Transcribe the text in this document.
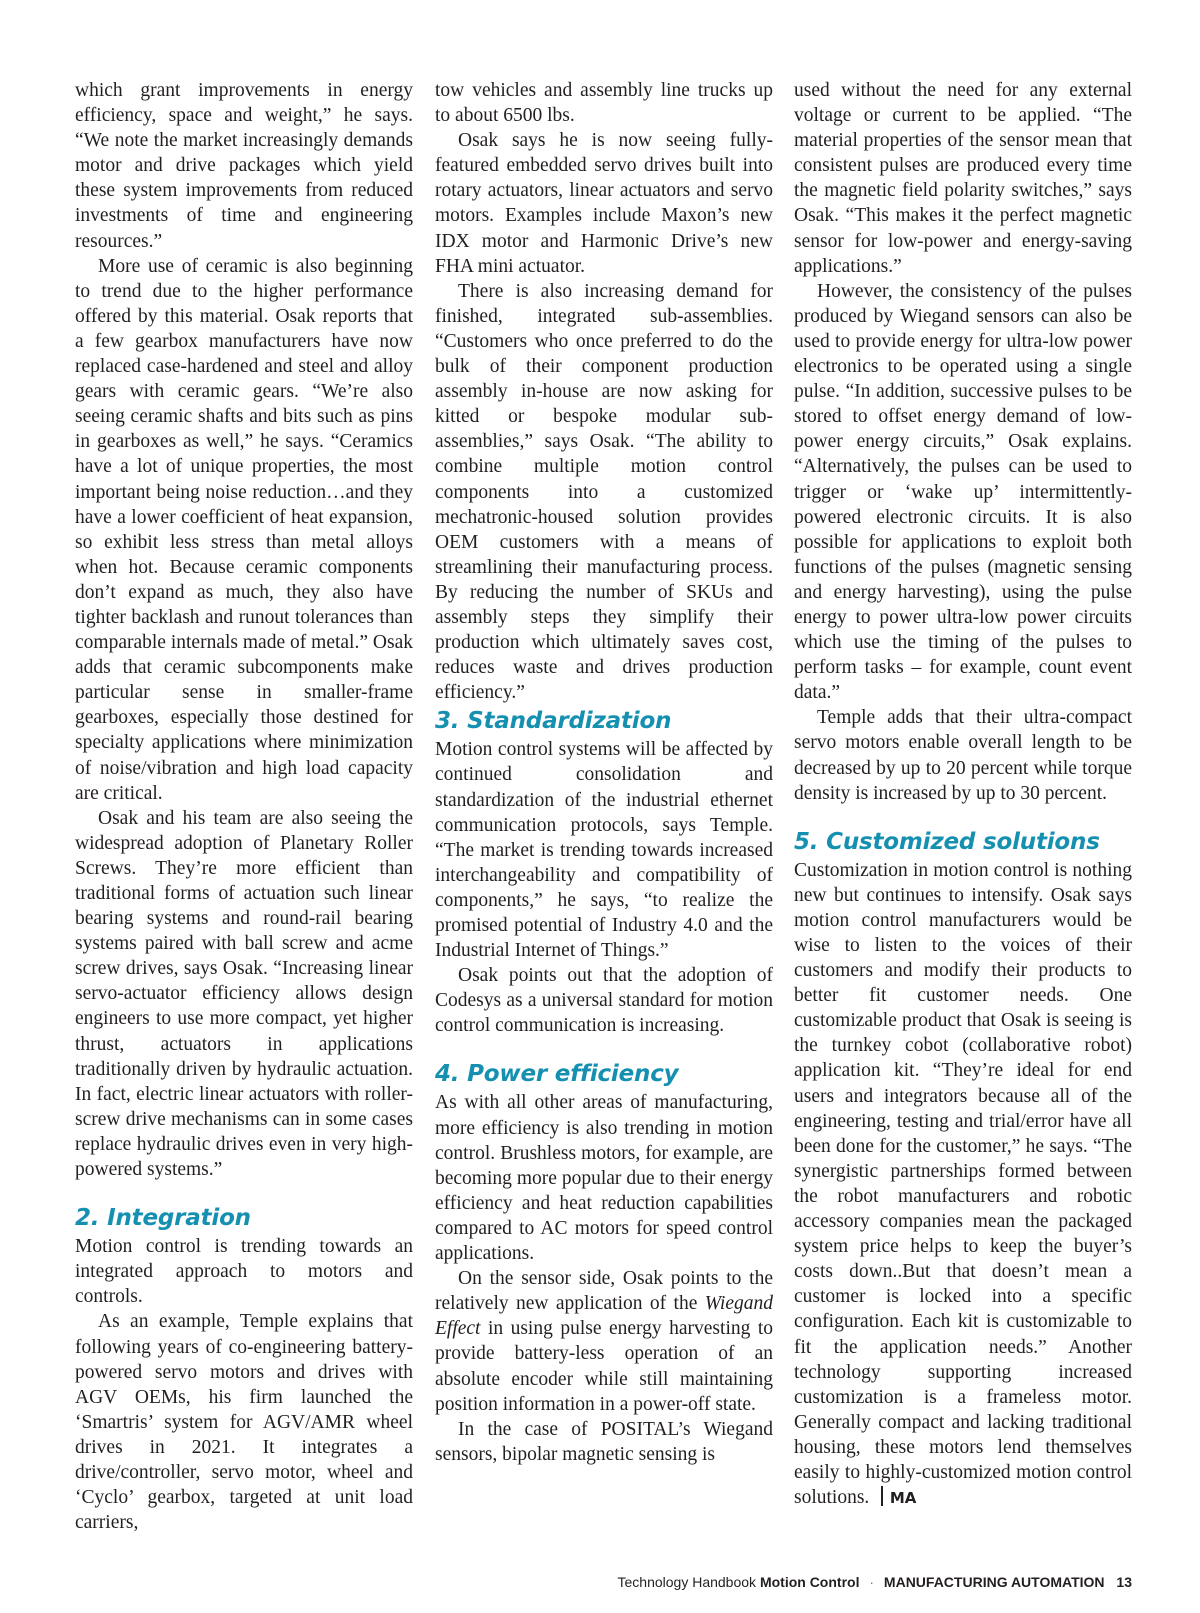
which grant improvements in energy efficiency, space and weight,” he says. “We note the market increasingly demands motor and drive packages which yield these system improvements from reduced investments of time and engineering resources.”

More use of ceramic is also beginning to trend due to the higher performance offered by this material. Osak reports that a few gearbox manufacturers have now replaced case-hardened and steel and alloy gears with ceramic gears. “We’re also seeing ceramic shafts and bits such as pins in gearboxes as well,” he says. “Ceramics have a lot of unique properties, the most important being noise reduction…and they have a lower coefficient of heat expansion, so exhibit less stress than metal alloys when hot. Because ceramic components don’t expand as much, they also have tighter backlash and runout tolerances than comparable internals made of metal.” Osak adds that ceramic subcomponents make particular sense in smaller-frame gearboxes, especially those destined for specialty applications where minimization of noise/vibration and high load capacity are critical.

Osak and his team are also seeing the widespread adoption of Planetary Roller Screws. They’re more efficient than traditional forms of actuation such linear bearing systems and round-rail bearing systems paired with ball screw and acme screw drives, says Osak. “Increasing linear servo-actuator efficiency allows design engineers to use more compact, yet higher thrust, actuators in applications traditionally driven by hydraulic actuation. In fact, electric linear actuators with roller-screw drive mechanisms can in some cases replace hydraulic drives even in very high-powered systems.”

2. Integration

Motion control is trending towards an integrated approach to motors and controls.

As an example, Temple explains that following years of co-engineering battery-powered servo motors and drives with AGV OEMs, his firm launched the ‘Smartris’ system for AGV/AMR wheel drives in 2021. It integrates a drive/controller, servo motor, wheel and ‘Cyclo’ gearbox, targeted at unit load carriers,

tow vehicles and assembly line trucks up to about 6500 lbs.

Osak says he is now seeing fully-featured embedded servo drives built into rotary actuators, linear actuators and servo motors. Examples include Maxon’s new IDX motor and Harmonic Drive’s new FHA mini actuator.

There is also increasing demand for finished, integrated sub-assemblies. “Customers who once preferred to do the bulk of their component production assembly in-house are now asking for kitted or bespoke modular sub-assemblies,” says Osak. “The ability to combine multiple motion control components into a customized mechatronic-housed solution provides OEM customers with a means of streamlining their manufacturing process. By reducing the number of SKUs and assembly steps they simplify their production which ultimately saves cost, reduces waste and drives production efficiency.”

3. Standardization

Motion control systems will be affected by continued consolidation and standardization of the industrial ethernet communication protocols, says Temple. “The market is trending towards increased interchangeability and compatibility of components,” he says, “to realize the promised potential of Industry 4.0 and the Industrial Internet of Things.”

Osak points out that the adoption of Codesys as a universal standard for motion control communication is increasing.

4. Power efficiency

As with all other areas of manufacturing, more efficiency is also trending in motion control. Brushless motors, for example, are becoming more popular due to their energy efficiency and heat reduction capabilities compared to AC motors for speed control applications.

On the sensor side, Osak points to the relatively new application of the Wiegand Effect in using pulse energy harvesting to provide battery-less operation of an absolute encoder while still maintaining position information in a power-off state.

In the case of POSITAL’s Wiegand sensors, bipolar magnetic sensing is

used without the need for any external voltage or current to be applied. “The material properties of the sensor mean that consistent pulses are produced every time the magnetic field polarity switches,” says Osak. “This makes it the perfect magnetic sensor for low-power and energy-saving applications.”

However, the consistency of the pulses produced by Wiegand sensors can also be used to provide energy for ultra-low power electronics to be operated using a single pulse. “In addition, successive pulses to be stored to offset energy demand of low-power energy circuits,” Osak explains. “Alternatively, the pulses can be used to trigger or ‘wake up’ intermittently-powered electronic circuits. It is also possible for applications to exploit both functions of the pulses (magnetic sensing and energy harvesting), using the pulse energy to power ultra-low power circuits which use the timing of the pulses to perform tasks – for example, count event data.”

Temple adds that their ultra-compact servo motors enable overall length to be decreased by up to 20 percent while torque density is increased by up to 30 percent.

5. Customized solutions

Customization in motion control is nothing new but continues to intensify. Osak says motion control manufacturers would be wise to listen to the voices of their customers and modify their products to better fit customer needs. One customizable product that Osak is seeing is the turnkey cobot (collaborative robot) application kit. “They’re ideal for end users and integrators because all of the engineering, testing and trial/error have all been done for the customer,” he says. “The synergistic partnerships formed between the robot manufacturers and robotic accessory companies mean the packaged system price helps to keep the buyer’s costs down..But that doesn’t mean a customer is locked into a specific configuration. Each kit is customizable to fit the application needs.” Another technology supporting increased customization is a frameless motor. Generally compact and lacking traditional housing, these motors lend themselves easily to highly-customized motion control solutions. MA

Technology Handbook Motion Control · MANUFACTURING AUTOMATION 13
